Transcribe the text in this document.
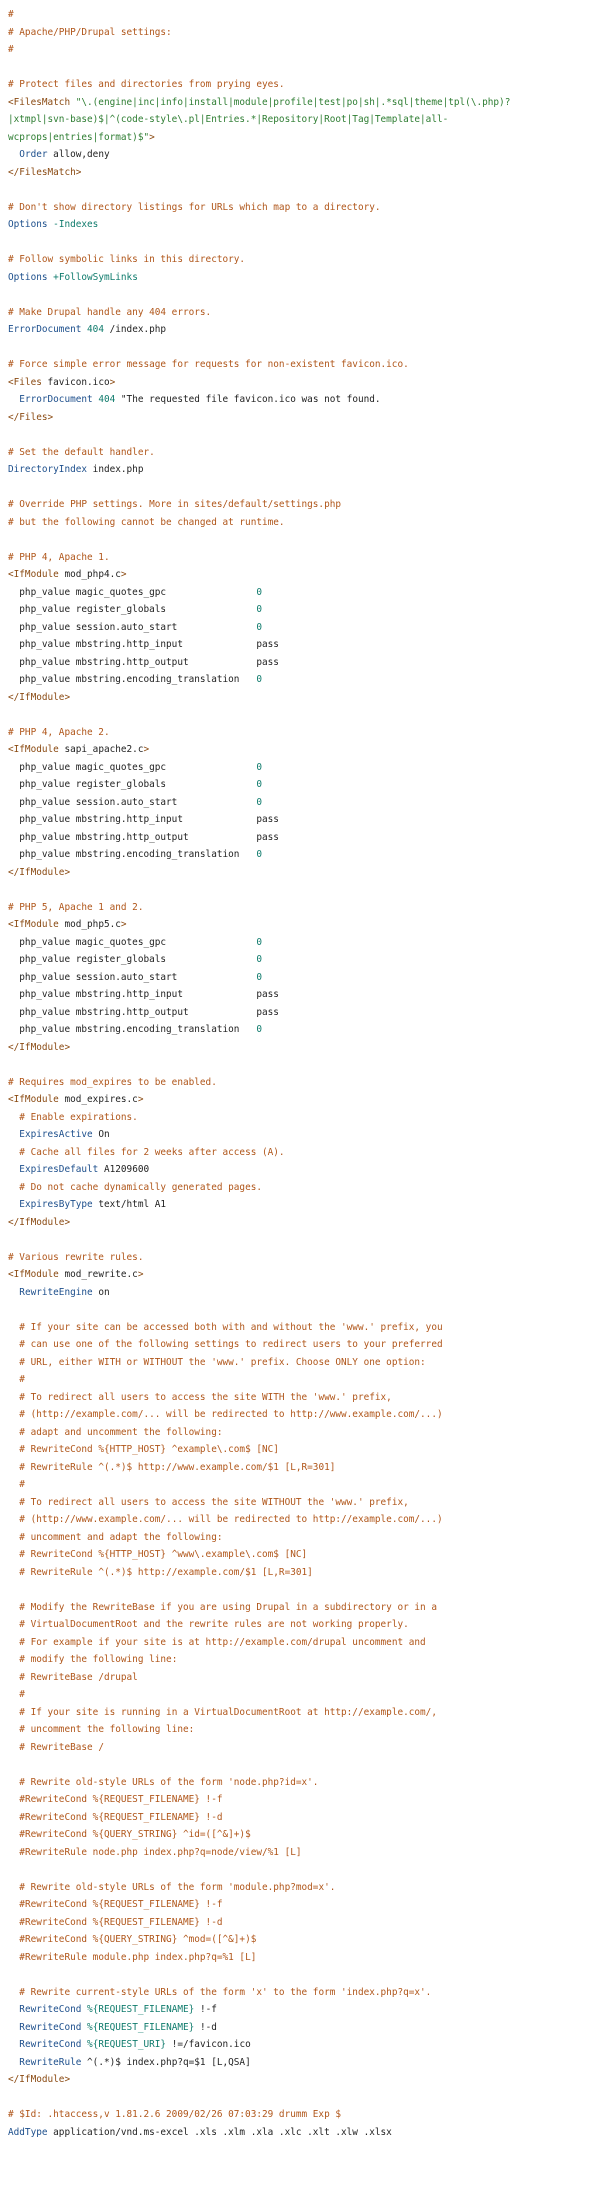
#
# Apache/PHP/Drupal settings:
#

# Protect files and directories from prying eyes.
<FilesMatch "\.(engine|inc|info|install|module|profile|test|po|sh|.*sql|theme|tpl(\.php)?
|xtmpl|svn-base)$|^(code-style\.pl|Entries.*|Repository|Root|Tag|Template|all-
wcprops|entries|format)$">
Order allow,deny
</FilesMatch>

# Don't show directory listings for URLs which map to a directory.
Options -Indexes

# Follow symbolic links in this directory.
Options +FollowSymLinks

# Make Drupal handle any 404 errors.
ErrorDocument 404 /index.php

# Force simple error message for requests for non-existent favicon.ico.
<Files favicon.ico>
ErrorDocument 404 "The requested file favicon.ico was not found.
</Files>

# Set the default handler.
DirectoryIndex index.php

# Override PHP settings. More in sites/default/settings.php
# but the following cannot be changed at runtime.

# PHP 4, Apache 1.
<IfModule mod_php4.c>
php_value magic_quotes_gpc                0
php_value register_globals                0
php_value session.auto_start              0
php_value mbstring.http_input             pass
php_value mbstring.http_output            pass
php_value mbstring.encoding_translation   0
</IfModule>

# PHP 4, Apache 2.
<IfModule sapi_apache2.c>
php_value magic_quotes_gpc                0
php_value register_globals                0
php_value session.auto_start              0
php_value mbstring.http_input             pass
php_value mbstring.http_output            pass
php_value mbstring.encoding_translation   0
</IfModule>

# PHP 5, Apache 1 and 2.
<IfModule mod_php5.c>
php_value magic_quotes_gpc                0
php_value register_globals                0
php_value session.auto_start              0
php_value mbstring.http_input             pass
php_value mbstring.http_output            pass
php_value mbstring.encoding_translation   0
</IfModule>

# Requires mod_expires to be enabled.
<IfModule mod_expires.c>
# Enable expirations.
ExpiresActive On
# Cache all files for 2 weeks after access (A).
ExpiresDefault A1209600
# Do not cache dynamically generated pages.
ExpiresByType text/html A1
</IfModule>

# Various rewrite rules.
<IfModule mod_rewrite.c>
RewriteEngine on

# If your site can be accessed both with and without the 'www.' prefix, you
# can use one of the following settings to redirect users to your preferred
# URL, either WITH or WITHOUT the 'www.' prefix. Choose ONLY one option:
#
# To redirect all users to access the site WITH the 'www.' prefix,
# (http://example.com/... will be redirected to http://www.example.com/...)
# adapt and uncomment the following:
# RewriteCond %{HTTP_HOST} ^example\.com$ [NC]
# RewriteRule ^(.*)$ http://www.example.com/$1 [L,R=301]
#
# To redirect all users to access the site WITHOUT the 'www.' prefix,
# (http://www.example.com/... will be redirected to http://example.com/...)
# uncomment and adapt the following:
# RewriteCond %{HTTP_HOST} ^www\.example\.com$ [NC]
# RewriteRule ^(.*)$ http://example.com/$1 [L,R=301]

# Modify the RewriteBase if you are using Drupal in a subdirectory or in a
# VirtualDocumentRoot and the rewrite rules are not working properly.
# For example if your site is at http://example.com/drupal uncomment and
# modify the following line:
# RewriteBase /drupal
#
# If your site is running in a VirtualDocumentRoot at http://example.com/,
# uncomment the following line:
# RewriteBase /

# Rewrite old-style URLs of the form 'node.php?id=x'.
#RewriteCond %{REQUEST_FILENAME} !-f
#RewriteCond %{REQUEST_FILENAME} !-d
#RewriteCond %{QUERY_STRING} ^id=([^&]+)$
#RewriteRule node.php index.php?q=node/view/%1 [L]

# Rewrite old-style URLs of the form 'module.php?mod=x'.
#RewriteCond %{REQUEST_FILENAME} !-f
#RewriteCond %{REQUEST_FILENAME} !-d
#RewriteCond %{QUERY_STRING} ^mod=([^&]+)$
#RewriteRule module.php index.php?q=%1 [L]

# Rewrite current-style URLs of the form 'x' to the form 'index.php?q=x'.
RewriteCond %{REQUEST_FILENAME} !-f
RewriteCond %{REQUEST_FILENAME} !-d
RewriteCond %{REQUEST_URI} !=/favicon.ico
RewriteRule ^(.*)$ index.php?q=$1 [L,QSA]
</IfModule>

# $Id: .htaccess,v 1.81.2.6 2009/02/26 07:03:29 drumm Exp $
AddType application/vnd.ms-excel .xls .xlm .xla .xlc .xlt .xlw .xlsx
